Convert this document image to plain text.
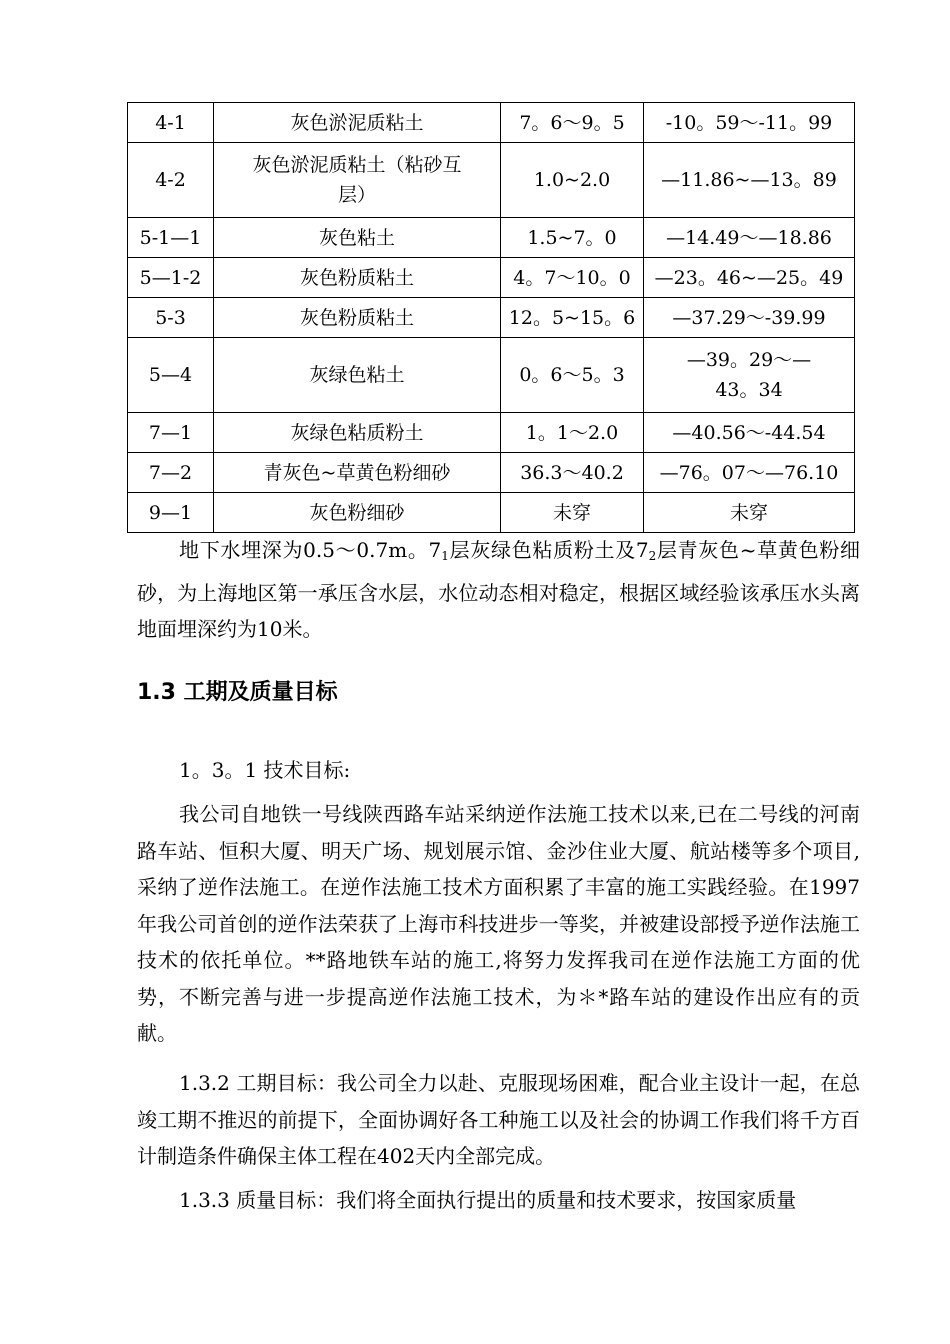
4-1	灰色淤泥质粘土	7。6～9。5	-10。59～-11。99
4-2	灰色淤泥质粘土（粘砂互层）	1.0~2.0	—11.86~—13。89
5-1—1	灰色粘土	1.5~7。0	—14.49～—18.86
5—1-2	灰色粉质粘土	4。7～10。0	—23。46~—25。49
5-3	灰色粉质粘土	12。5~15。6	—37.29～-39.99
5—4	灰绿色粘土	0。6～5。3	—39。29～—43。34
7—1	灰绿色粘质粉土	1。1～2.0	—40.56～-44.54
7—2	青灰色~草黄色粉细砂	36.3～40.2	—76。07～—76.10
9—1	灰色粉细砂	未穿	未穿

地下水埋深为0.5～0.7m。$7_1$层灰绿色粘质粉土及$7_2$层青灰色~草黄色粉细砂，为上海地区第一承压含水层，水位动态相对稳定，根据区域经验该承压水头离地面埋深约为10米。

1.3 工期及质量目标

1。3。1 技术目标:

我公司自地铁一号线陕西路车站采纳逆作法施工技术以来,已在二号线的河南路车站、恒积大厦、明天广场、规划展示馆、金沙住业大厦、航站楼等多个项目,采纳了逆作法施工。在逆作法施工技术方面积累了丰富的施工实践经验。在1997年我公司首创的逆作法荣获了上海市科技进步一等奖，并被建设部授予逆作法施工技术的依托单位。**路地铁车站的施工,将努力发挥我司在逆作法施工方面的优势，不断完善与进一步提高逆作法施工技术，为＊*路车站的建设作出应有的贡献。

1.3.2 工期目标：我公司全力以赴、克服现场困难，配合业主设计一起，在总竣工期不推迟的前提下，全面协调好各工种施工以及社会的协调工作我们将千方百计制造条件确保主体工程在402天内全部完成。

1.3.3 质量目标：我们将全面执行提出的质量和技术要求，按国家质量
